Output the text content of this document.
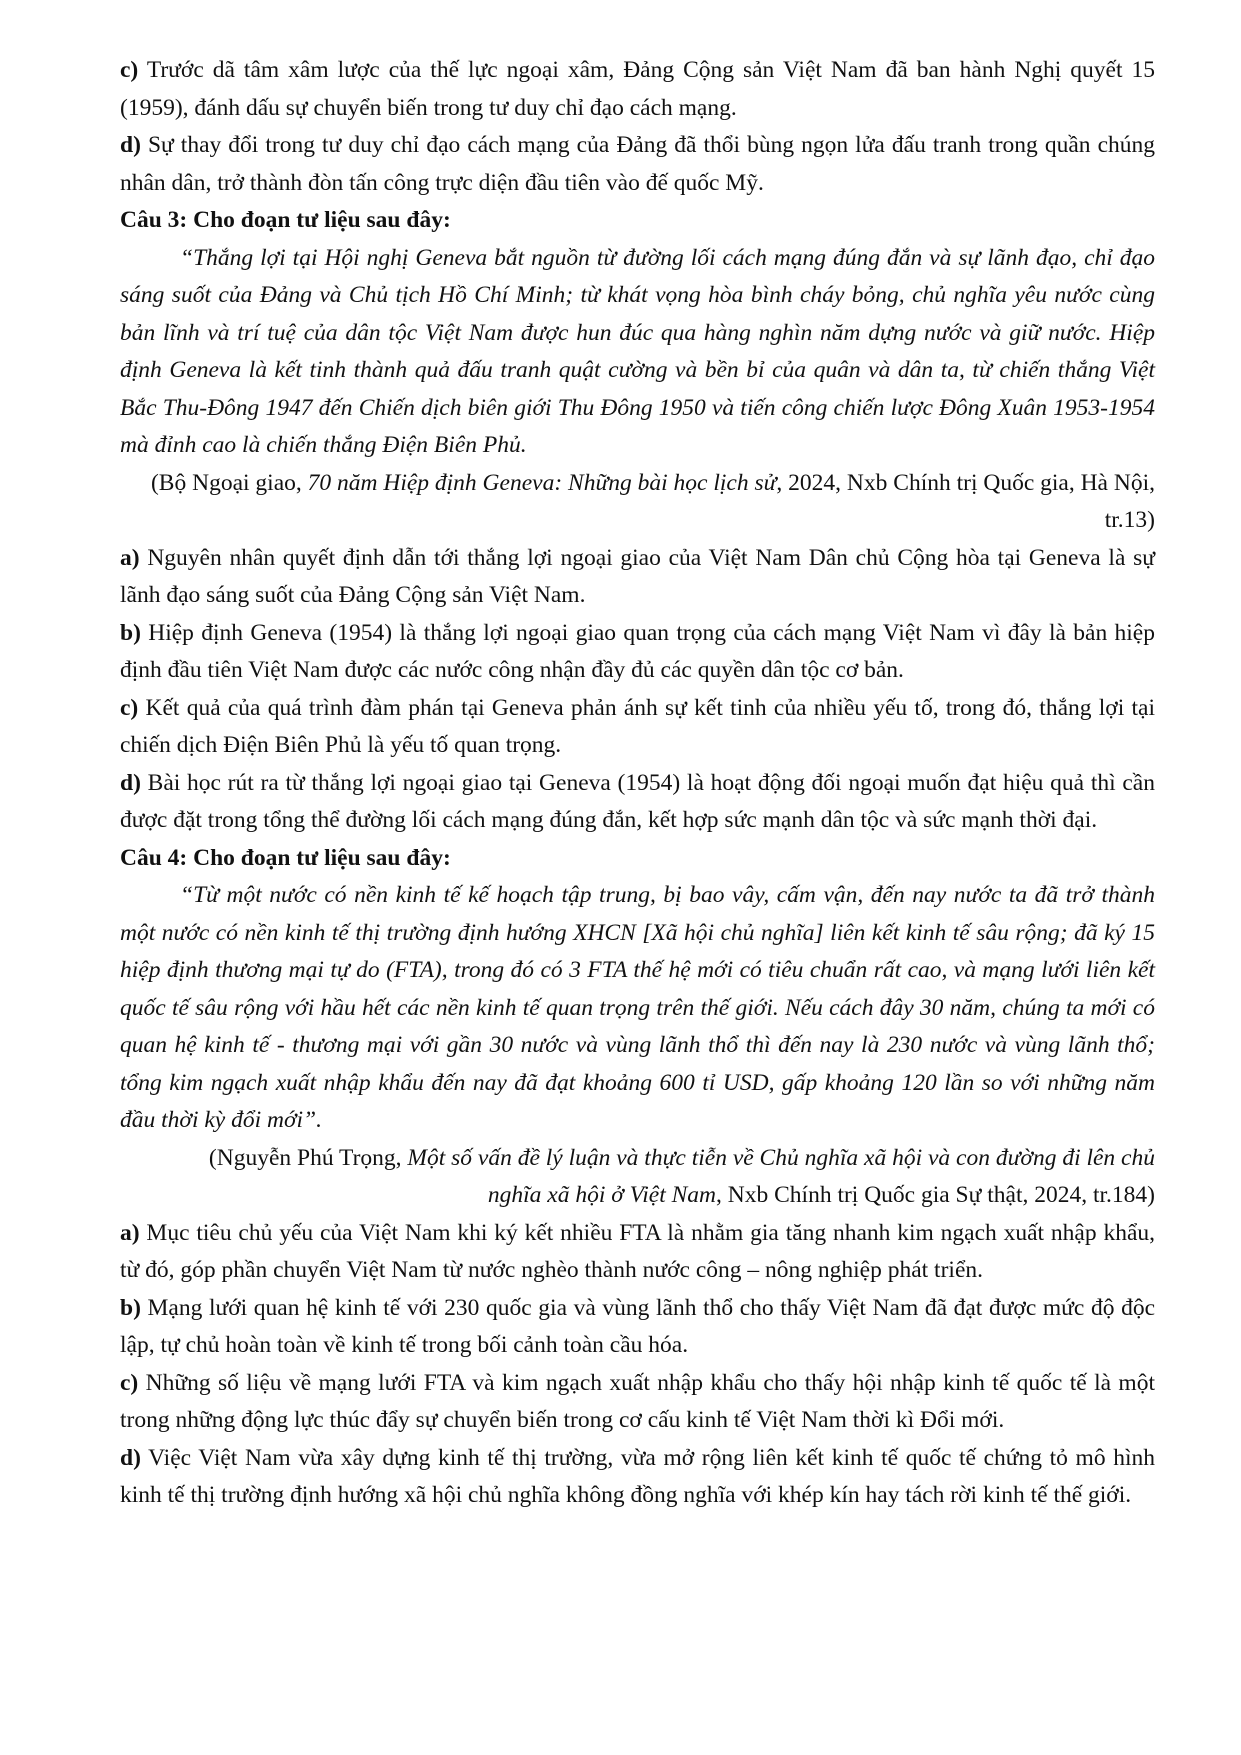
c) Trước dã tâm xâm lược của thế lực ngoại xâm, Đảng Cộng sản Việt Nam đã ban hành Nghị quyết 15 (1959), đánh dấu sự chuyển biến trong tư duy chỉ đạo cách mạng.

d) Sự thay đổi trong tư duy chỉ đạo cách mạng của Đảng đã thổi bùng ngọn lửa đấu tranh trong quần chúng nhân dân, trở thành đòn tấn công trực diện đầu tiên vào đế quốc Mỹ.

Câu 3: Cho đoạn tư liệu sau đây:

“Thắng lợi tại Hội nghị Geneva bắt nguồn từ đường lối cách mạng đúng đắn và sự lãnh đạo, chỉ đạo sáng suốt của Đảng và Chủ tịch Hồ Chí Minh; từ khát vọng hòa bình cháy bỏng, chủ nghĩa yêu nước cùng bản lĩnh và trí tuệ của dân tộc Việt Nam được hun đúc qua hàng nghìn năm dựng nước và giữ nước. Hiệp định Geneva là kết tinh thành quả đấu tranh quật cường và bền bỉ của quân và dân ta, từ chiến thắng Việt Bắc Thu-Đông 1947 đến Chiến dịch biên giới Thu Đông 1950 và tiến công chiến lược Đông Xuân 1953-1954 mà đỉnh cao là chiến thắng Điện Biên Phủ.

(Bộ Ngoại giao, 70 năm Hiệp định Geneva: Những bài học lịch sử, 2024, Nxb Chính trị Quốc gia, Hà Nội, tr.13)

a) Nguyên nhân quyết định dẫn tới thắng lợi ngoại giao của Việt Nam Dân chủ Cộng hòa tại Geneva là sự lãnh đạo sáng suốt của Đảng Cộng sản Việt Nam.

b) Hiệp định Geneva (1954) là thắng lợi ngoại giao quan trọng của cách mạng Việt Nam vì đây là bản hiệp định đầu tiên Việt Nam được các nước công nhận đầy đủ các quyền dân tộc cơ bản.

c) Kết quả của quá trình đàm phán tại Geneva phản ánh sự kết tinh của nhiều yếu tố, trong đó, thắng lợi tại chiến dịch Điện Biên Phủ là yếu tố quan trọng.

d) Bài học rút ra từ thắng lợi ngoại giao tại Geneva (1954) là hoạt động đối ngoại muốn đạt hiệu quả thì cần được đặt trong tổng thể đường lối cách mạng đúng đắn, kết hợp sức mạnh dân tộc và sức mạnh thời đại.

Câu 4: Cho đoạn tư liệu sau đây:

“Từ một nước có nền kinh tế kế hoạch tập trung, bị bao vây, cấm vận, đến nay nước ta đã trở thành một nước có nền kinh tế thị trường định hướng XHCN [Xã hội chủ nghĩa] liên kết kinh tế sâu rộng; đã ký 15 hiệp định thương mại tự do (FTA), trong đó có 3 FTA thế hệ mới có tiêu chuẩn rất cao, và mạng lưới liên kết quốc tế sâu rộng với hầu hết các nền kinh tế quan trọng trên thế giới. Nếu cách đây 30 năm, chúng ta mới có quan hệ kinh tế - thương mại với gần 30 nước và vùng lãnh thổ thì đến nay là 230 nước và vùng lãnh thổ; tổng kim ngạch xuất nhập khẩu đến nay đã đạt khoảng 600 tỉ USD, gấp khoảng 120 lần so với những năm đầu thời kỳ đổi mới”.

(Nguyễn Phú Trọng, Một số vấn đề lý luận và thực tiễn về Chủ nghĩa xã hội và con đường đi lên chủ
nghĩa xã hội ở Việt Nam, Nxb Chính trị Quốc gia Sự thật, 2024, tr.184)

a) Mục tiêu chủ yếu của Việt Nam khi ký kết nhiều FTA là nhằm gia tăng nhanh kim ngạch xuất nhập khẩu, từ đó, góp phần chuyển Việt Nam từ nước nghèo thành nước công – nông nghiệp phát triển.

b) Mạng lưới quan hệ kinh tế với 230 quốc gia và vùng lãnh thổ cho thấy Việt Nam đã đạt được mức độ độc lập, tự chủ hoàn toàn về kinh tế trong bối cảnh toàn cầu hóa.

c) Những số liệu về mạng lưới FTA và kim ngạch xuất nhập khẩu cho thấy hội nhập kinh tế quốc tế là một trong những động lực thúc đẩy sự chuyển biến trong cơ cấu kinh tế Việt Nam thời kì Đổi mới.

d) Việc Việt Nam vừa xây dựng kinh tế thị trường, vừa mở rộng liên kết kinh tế quốc tế chứng tỏ mô hình kinh tế thị trường định hướng xã hội chủ nghĩa không đồng nghĩa với khép kín hay tách rời kinh tế thế giới.
